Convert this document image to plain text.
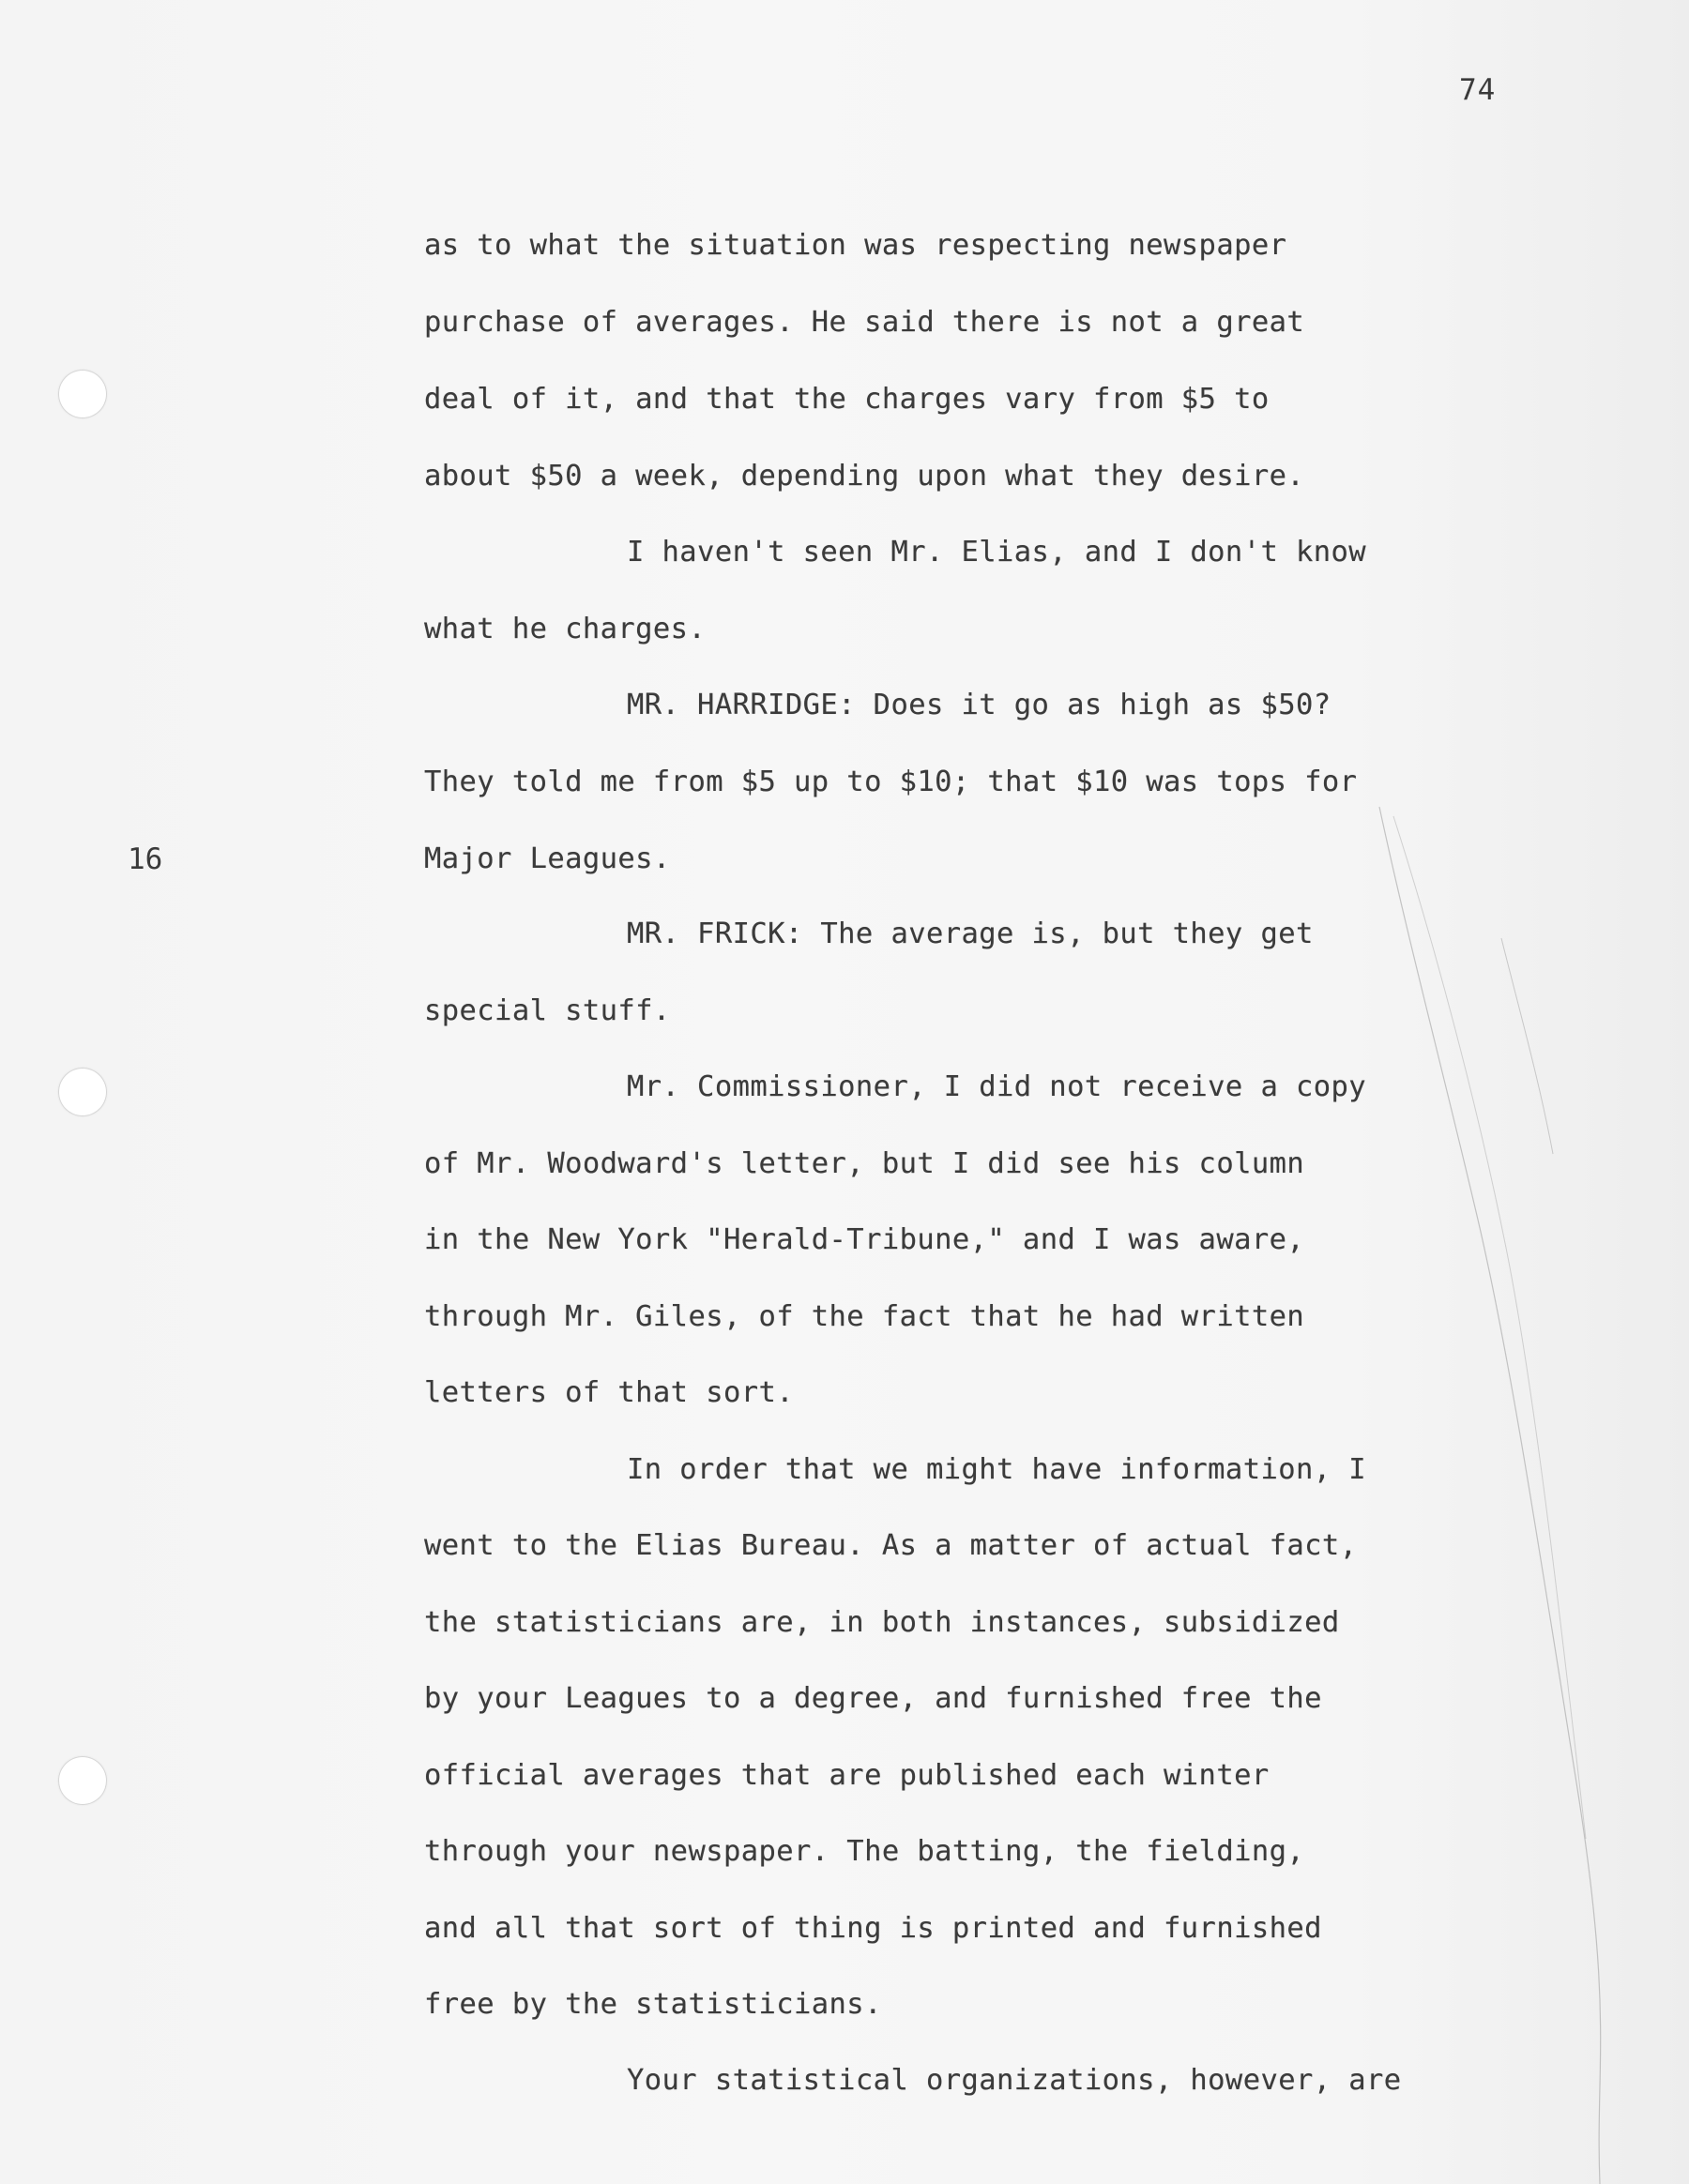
74
16
as to what the situation was respecting newspaper
purchase of averages. He said there is not a great
deal of it, and that the charges vary from $5 to
about $50 a week, depending upon what they desire.
I haven't seen Mr. Elias, and I don't know
what he charges.
MR. HARRIDGE: Does it go as high as $50?
They told me from $5 up to $10; that $10 was tops for
Major Leagues.
MR. FRICK: The average is, but they get
special stuff.
Mr. Commissioner, I did not receive a copy
of Mr. Woodward's letter, but I did see his column
in the New York "Herald-Tribune," and I was aware,
through Mr. Giles, of the fact that he had written
letters of that sort.
In order that we might have information, I
went to the Elias Bureau. As a matter of actual fact,
the statisticians are, in both instances, subsidized
by your Leagues to a degree, and furnished free the
official averages that are published each winter
through your newspaper. The batting, the fielding,
and all that sort of thing is printed and furnished
free by the statisticians.
Your statistical organizations, however, are
